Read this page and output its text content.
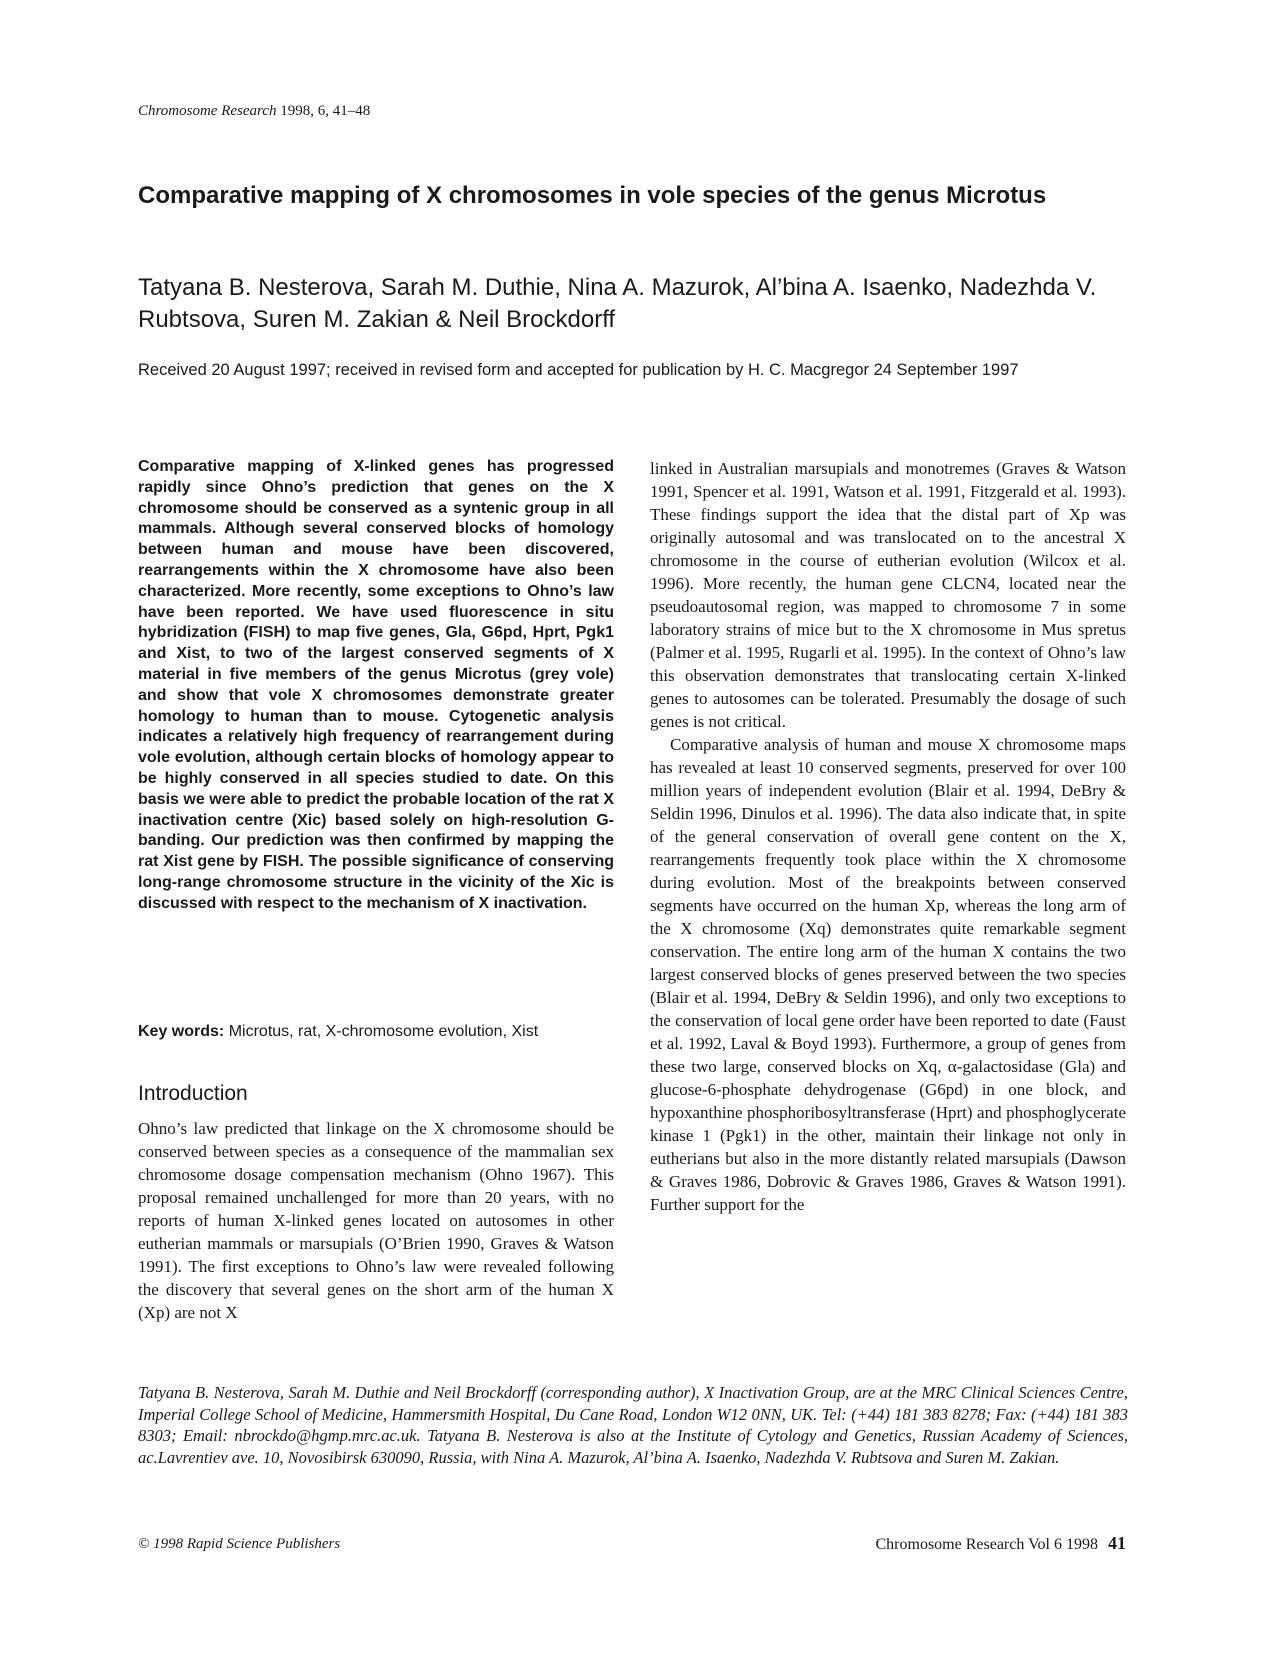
Chromosome Research 1998, 6, 41–48
Comparative mapping of X chromosomes in vole species of the genus Microtus
Tatyana B. Nesterova, Sarah M. Duthie, Nina A. Mazurok, Al’bina A. Isaenko, Nadezhda V. Rubtsova, Suren M. Zakian & Neil Brockdorff
Received 20 August 1997; received in revised form and accepted for publication by H. C. Macgregor 24 September 1997
Comparative mapping of X-linked genes has progressed rapidly since Ohno’s prediction that genes on the X chromosome should be conserved as a syntenic group in all mammals. Although several conserved blocks of homology between human and mouse have been discovered, rearrangements within the X chromosome have also been characterized. More recently, some exceptions to Ohno’s law have been reported. We have used fluorescence in situ hybridization (FISH) to map five genes, Gla, G6pd, Hprt, Pgk1 and Xist, to two of the largest conserved segments of X material in five members of the genus Microtus (grey vole) and show that vole X chromosomes demonstrate greater homology to human than to mouse. Cytogenetic analysis indicates a relatively high frequency of rearrangement during vole evolution, although certain blocks of homology appear to be highly conserved in all species studied to date. On this basis we were able to predict the probable location of the rat X inactivation centre (Xic) based solely on high-resolution G-banding. Our prediction was then confirmed by mapping the rat Xist gene by FISH. The possible significance of conserving long-range chromosome structure in the vicinity of the Xic is discussed with respect to the mechanism of X inactivation.
Key words: Microtus, rat, X-chromosome evolution, Xist
Introduction
Ohno’s law predicted that linkage on the X chromosome should be conserved between species as a consequence of the mammalian sex chromosome dosage compensation mechanism (Ohno 1967). This proposal remained unchallenged for more than 20 years, with no reports of human X-linked genes located on autosomes in other eutherian mammals or marsupials (O’Brien 1990, Graves & Watson 1991). The first exceptions to Ohno’s law were revealed following the discovery that several genes on the short arm of the human X (Xp) are not X

linked in Australian marsupials and monotremes (Graves & Watson 1991, Spencer et al. 1991, Watson et al. 1991, Fitzgerald et al. 1993). These findings support the idea that the distal part of Xp was originally autosomal and was translocated on to the ancestral X chromosome in the course of eutherian evolution (Wilcox et al. 1996). More recently, the human gene CLCN4, located near the pseudoautosomal region, was mapped to chromosome 7 in some laboratory strains of mice but to the X chromosome in Mus spretus (Palmer et al. 1995, Rugarli et al. 1995). In the context of Ohno’s law this observation demonstrates that translocating certain X-linked genes to autosomes can be tolerated. Presumably the dosage of such genes is not critical.

Comparative analysis of human and mouse X chromosome maps has revealed at least 10 conserved segments, preserved for over 100 million years of independent evolution (Blair et al. 1994, DeBry & Seldin 1996, Dinulos et al. 1996). The data also indicate that, in spite of the general conservation of overall gene content on the X, rearrangements frequently took place within the X chromosome during evolution. Most of the breakpoints between conserved segments have occurred on the human Xp, whereas the long arm of the X chromosome (Xq) demonstrates quite remarkable segment conservation. The entire long arm of the human X contains the two largest conserved blocks of genes preserved between the two species (Blair et al. 1994, DeBry & Seldin 1996), and only two exceptions to the conservation of local gene order have been reported to date (Faust et al. 1992, Laval & Boyd 1993). Furthermore, a group of genes from these two large, conserved blocks on Xq, α-galactosidase (Gla) and glucose-6-phosphate dehydrogenase (G6pd) in one block, and hypoxanthine phosphoribosyltransferase (Hprt) and phosphoglycerate kinase 1 (Pgk1) in the other, maintain their linkage not only in eutherians but also in the more distantly related marsupials (Dawson & Graves 1986, Dobrovic & Graves 1986, Graves & Watson 1991). Further support for the

Tatyana B. Nesterova, Sarah M. Duthie and Neil Brockdorff (corresponding author), X Inactivation Group, are at the MRC Clinical Sciences Centre, Imperial College School of Medicine, Hammersmith Hospital, Du Cane Road, London W12 0NN, UK. Tel: (+44) 181 383 8278; Fax: (+44) 181 383 8303; Email: nbrockdo@hgmp.mrc.ac.uk. Tatyana B. Nesterova is also at the Institute of Cytology and Genetics, Russian Academy of Sciences, ac.Lavrentiev ave. 10, Novosibirsk 630090, Russia, with Nina A. Mazurok, Al’bina A. Isaenko, Nadezhda V. Rubtsova and Suren M. Zakian.
© 1998 Rapid Science Publishers	Chromosome Research Vol 6 1998 41
